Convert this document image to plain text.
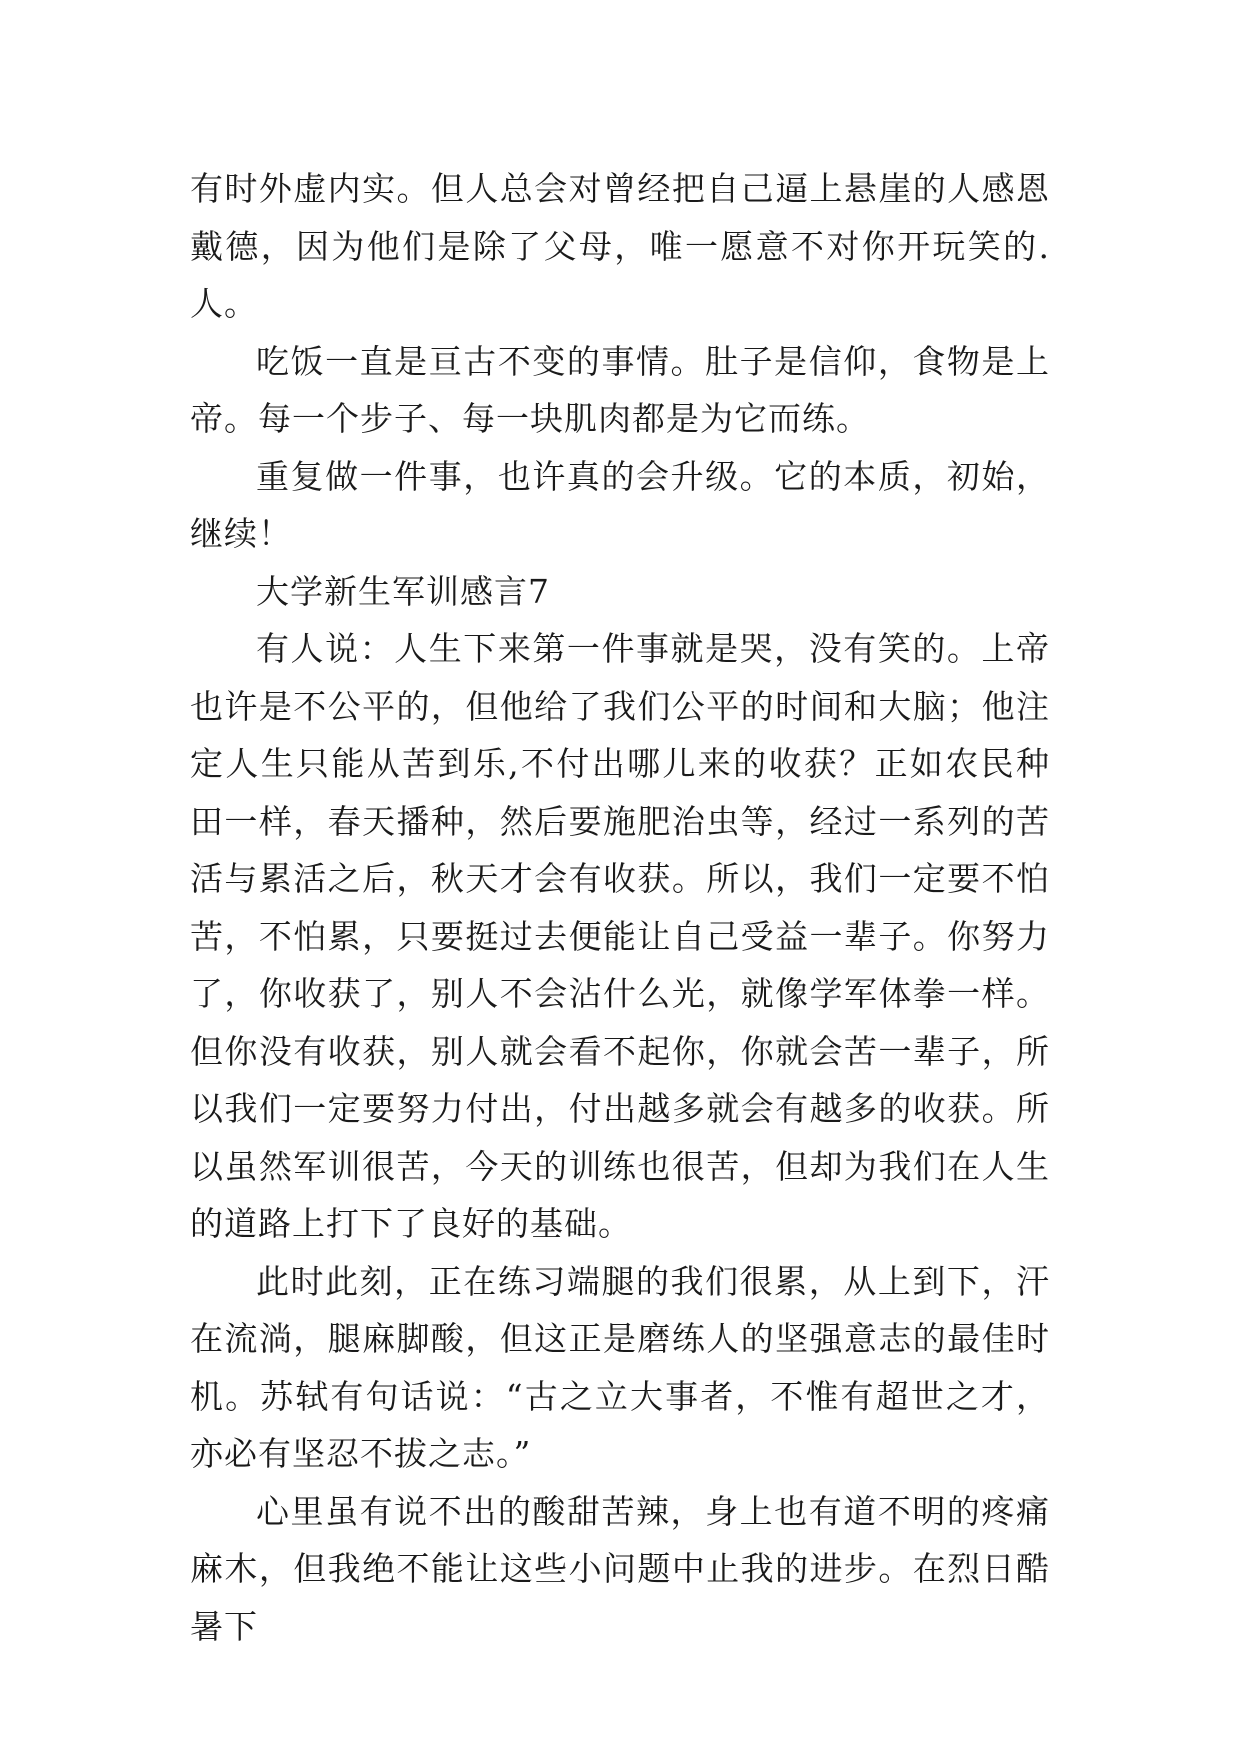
有时外虚内实。但人总会对曾经把自己逼上悬崖的人感恩戴德，因为他们是除了父母，唯一愿意不对你开玩笑的.人。

吃饭一直是亘古不变的事情。肚子是信仰，食物是上帝。每一个步子、每一块肌肉都是为它而练。

重复做一件事，也许真的会升级。它的本质，初始，继续！

大学新生军训感言7

有人说：人生下来第一件事就是哭，没有笑的。上帝也许是不公平的，但他给了我们公平的时间和大脑；他注定人生只能从苦到乐,不付出哪儿来的收获？正如农民种田一样，春天播种，然后要施肥治虫等，经过一系列的苦活与累活之后，秋天才会有收获。所以，我们一定要不怕苦，不怕累，只要挺过去便能让自己受益一辈子。你努力了，你收获了，别人不会沾什么光，就像学军体拳一样。但你没有收获，别人就会看不起你，你就会苦一辈子，所以我们一定要努力付出，付出越多就会有越多的收获。所以虽然军训很苦，今天的训练也很苦，但却为我们在人生的道路上打下了良好的基础。

此时此刻，正在练习端腿的我们很累，从上到下，汗在流淌，腿麻脚酸，但这正是磨练人的坚强意志的最佳时机。苏轼有句话说：“古之立大事者，不惟有超世之才，亦必有坚忍不拔之志。”

心里虽有说不出的酸甜苦辣，身上也有道不明的疼痛麻木，但我绝不能让这些小问题中止我的进步。在烈日酷暑下
